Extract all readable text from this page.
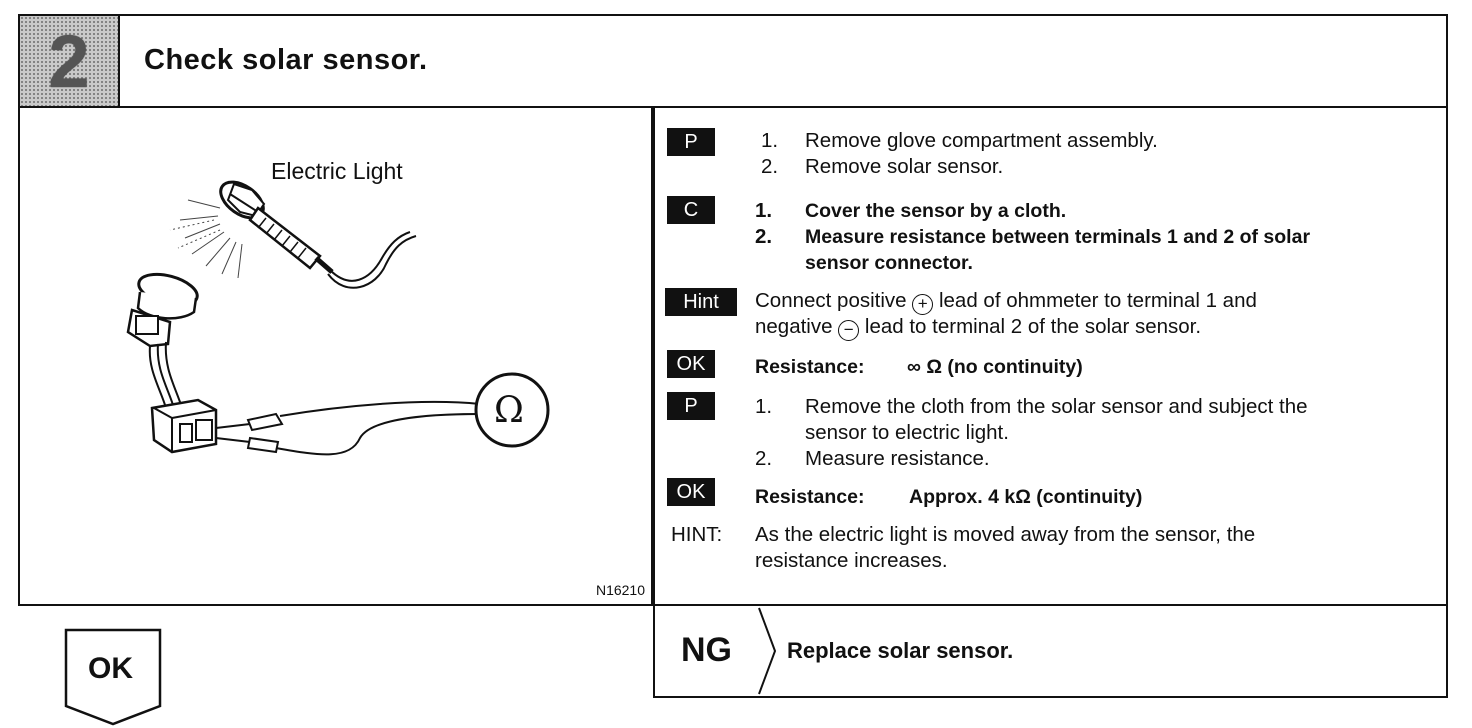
2	Check solar sensor.
Electric Light
Ω
N16210
P	1. Remove glove compartment assembly.
2. Remove solar sensor.
C	1. Cover the sensor by a cloth.
2. Measure resistance between terminals 1 and 2 of solar
sensor connector.
Hint	Connect positive + lead of ohmmeter to terminal 1 and
negative − lead to terminal 2 of the solar sensor.
OK	Resistance: ∞ Ω (no continuity)
P	1. Remove the cloth from the solar sensor and subject the
sensor to electric light.
2. Measure resistance.
OK	Resistance: Approx. 4 kΩ (continuity)
HINT: As the electric light is moved away from the sensor, the
resistance increases.
NG	Replace solar sensor.
OK
